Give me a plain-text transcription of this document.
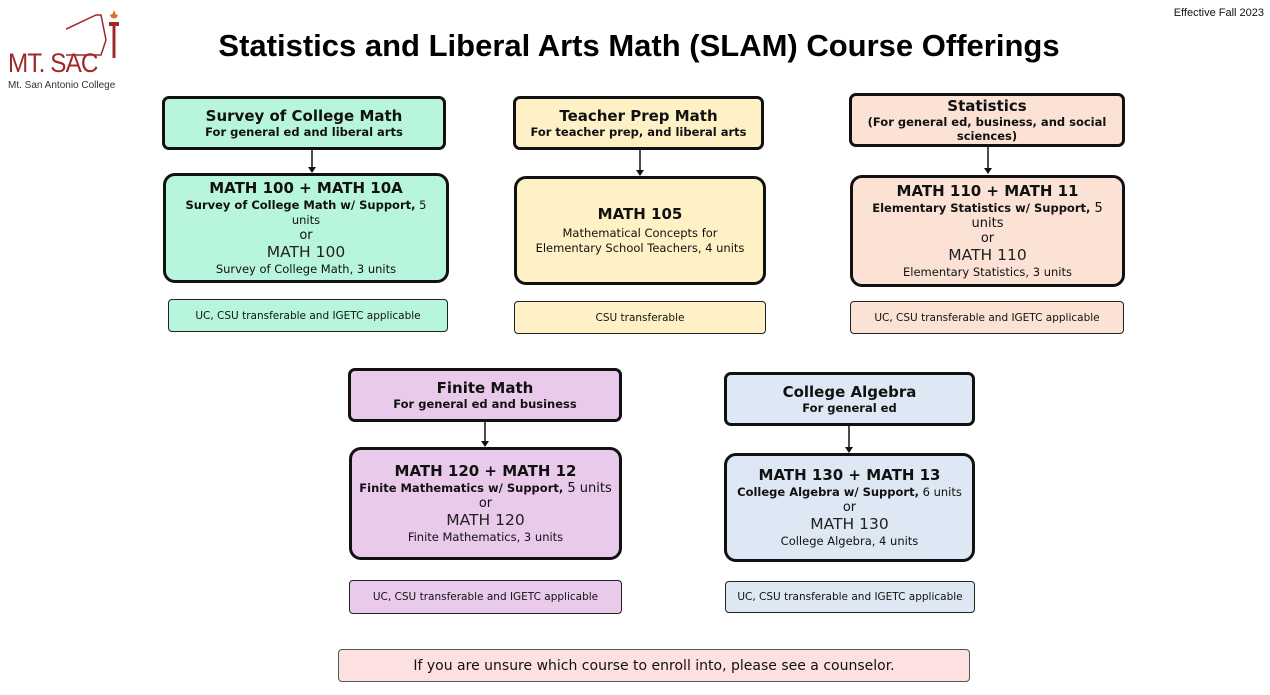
MT. SAC
Mt. San Antonio College
Effective Fall 2023
Statistics and Liberal Arts Math (SLAM) Course Offerings
Survey of College Math
For general ed and liberal arts
MATH 100 + MATH 10A
Survey of College Math w/ Support, 5 units
or
MATH 100
Survey of College Math, 3 units
UC, CSU transferable and IGETC applicable
Teacher Prep Math
For teacher prep, and liberal arts
MATH 105
Mathematical Concepts for
Elementary School Teachers, 4 units
CSU transferable
Statistics
(For general ed, business, and social
sciences)
MATH 110 + MATH 11
Elementary Statistics w/ Support, 5 units
or
MATH 110
Elementary Statistics, 3 units
UC, CSU transferable and IGETC applicable
Finite Math
For general ed and business
MATH 120 + MATH 12
Finite Mathematics w/ Support, 5 units
or
MATH 120
Finite Mathematics, 3 units
UC, CSU transferable and IGETC applicable
College Algebra
For general ed
MATH 130 + MATH 13
College Algebra w/ Support, 6 units
or
MATH 130
College Algebra, 4 units
UC, CSU transferable and IGETC applicable
If you are unsure which course to enroll into, please see a counselor.
